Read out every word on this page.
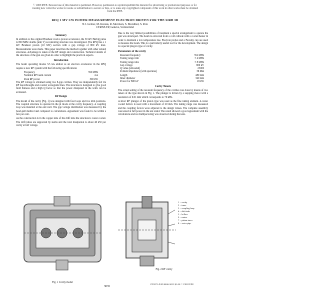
© 1983 IEEE. Personal use of this material is permitted. However, permission to reprint/republish this material for advertising or promotional purposes or for creating new collective works for resale or redistribution to servers or lists, or to reuse any copyrighted component of this work in other works must be obtained from the IEEE.
RFQ 1 MV CW POWER MEASUREMENT ELECTRON DRIVEN FOR THE SIRB 3D
N.J. Graber, M. Kuraus, R. Morrison, S. Morshied, S. Peta
CERN/LEP, Geneva, Switzerland
Summary
In addition to the original Brashear work a proton accelerator, the 50 mV Herbig pulse is 800 MHz double (unit V) accelerating structure was investigated. The RFQ has a 1 mV Brashear proton (10 MV) section with a gap voltage of 800 kV max. Measurements were made. This paper describes the method together with other related structures. Advantage is taken of the RF design and construction. Technical details of the structure of the gun are given in order to highlight the practical aspects.
Introduction
The beam operating modes 3.5 kA elation as an electron accelerator in the RFQ require a new RF system with the following specifications:
Frequency	350 MHz
Nominal RF beam current	4 A
Peak RF power	300 kW
The RF voltage is obtained using two 8-gap cavities. They are independently fed via RF feed-throughs and coaxial waveguide lines. The structure is designed to give good field flatness and a high Q factor so that the power dissipated in the walls can be evaluated.
RF Design
The model of the cavity (Fig. 1) was designed with four loops and two trim positions. The coupled structure is operated in the pi mode at the cavity frequency. A coupling loop was installed at the end wall. The gap voltage distribution was measured by the bead-pull method and compared to calculations. Agreement was found to be within a few per cent.
As the construction is in the copper tube of the drift tube the structure is water cooled. The drift tubes are supported by stems and the total dissipation is about 40 kW per cavity at full voltage.
Due to the very limited possibilities of treatment a special arrangement to operate the gun was developed. The beam is extracted from a cold cathode with a cooled heater in order to maintain a low temperature rise. Electron probes and a Faraday cup are used to measure the beam. This is a particularly useful tool for the development. The design is a special plug-in type of cavity.
Parameters of the cavity
Resonant frequency	352 MHz
Tuning range trim	± 4 MHz
Tuning range tube	± 8 MHz
Gap voltage	800 kV
Q value (unloaded)	25000
R shunt impedance (with apertures)	36 MΩ
Length	480 mm
Inner diameter	340 mm
Power for 800 kV	18 kW
Cavity Tuners
The actual setting of the resonant frequency of the cavities was done by means of two tuners of the type shown in Fig. 1. The plunger is driven by a stepping motor with a resolution of 0.01 mm which corresponds to 70 kHz.
A short RF plunger of the piston type was used as the fine tuning element. A water cooled bellow is used with a movement of 20 mm. The tuning range was measured and the coupling factors were adjusted to the design values. The complete assembly was tested at full power in the test stand. The result showed a good agreement with the calculations and no multipactoring was observed during the tests.
Fig. 1 Cavity model
1 = cavity
2 = tuner
3 = coupling loop
4 = drift tube
5 = bellow
6 = motor
7 = piston tuner
8 = water pipe
Fig. 2 RF cavity
3035	CH1871-9/83/0000-3035 $1.00 © 1983 IEEE
